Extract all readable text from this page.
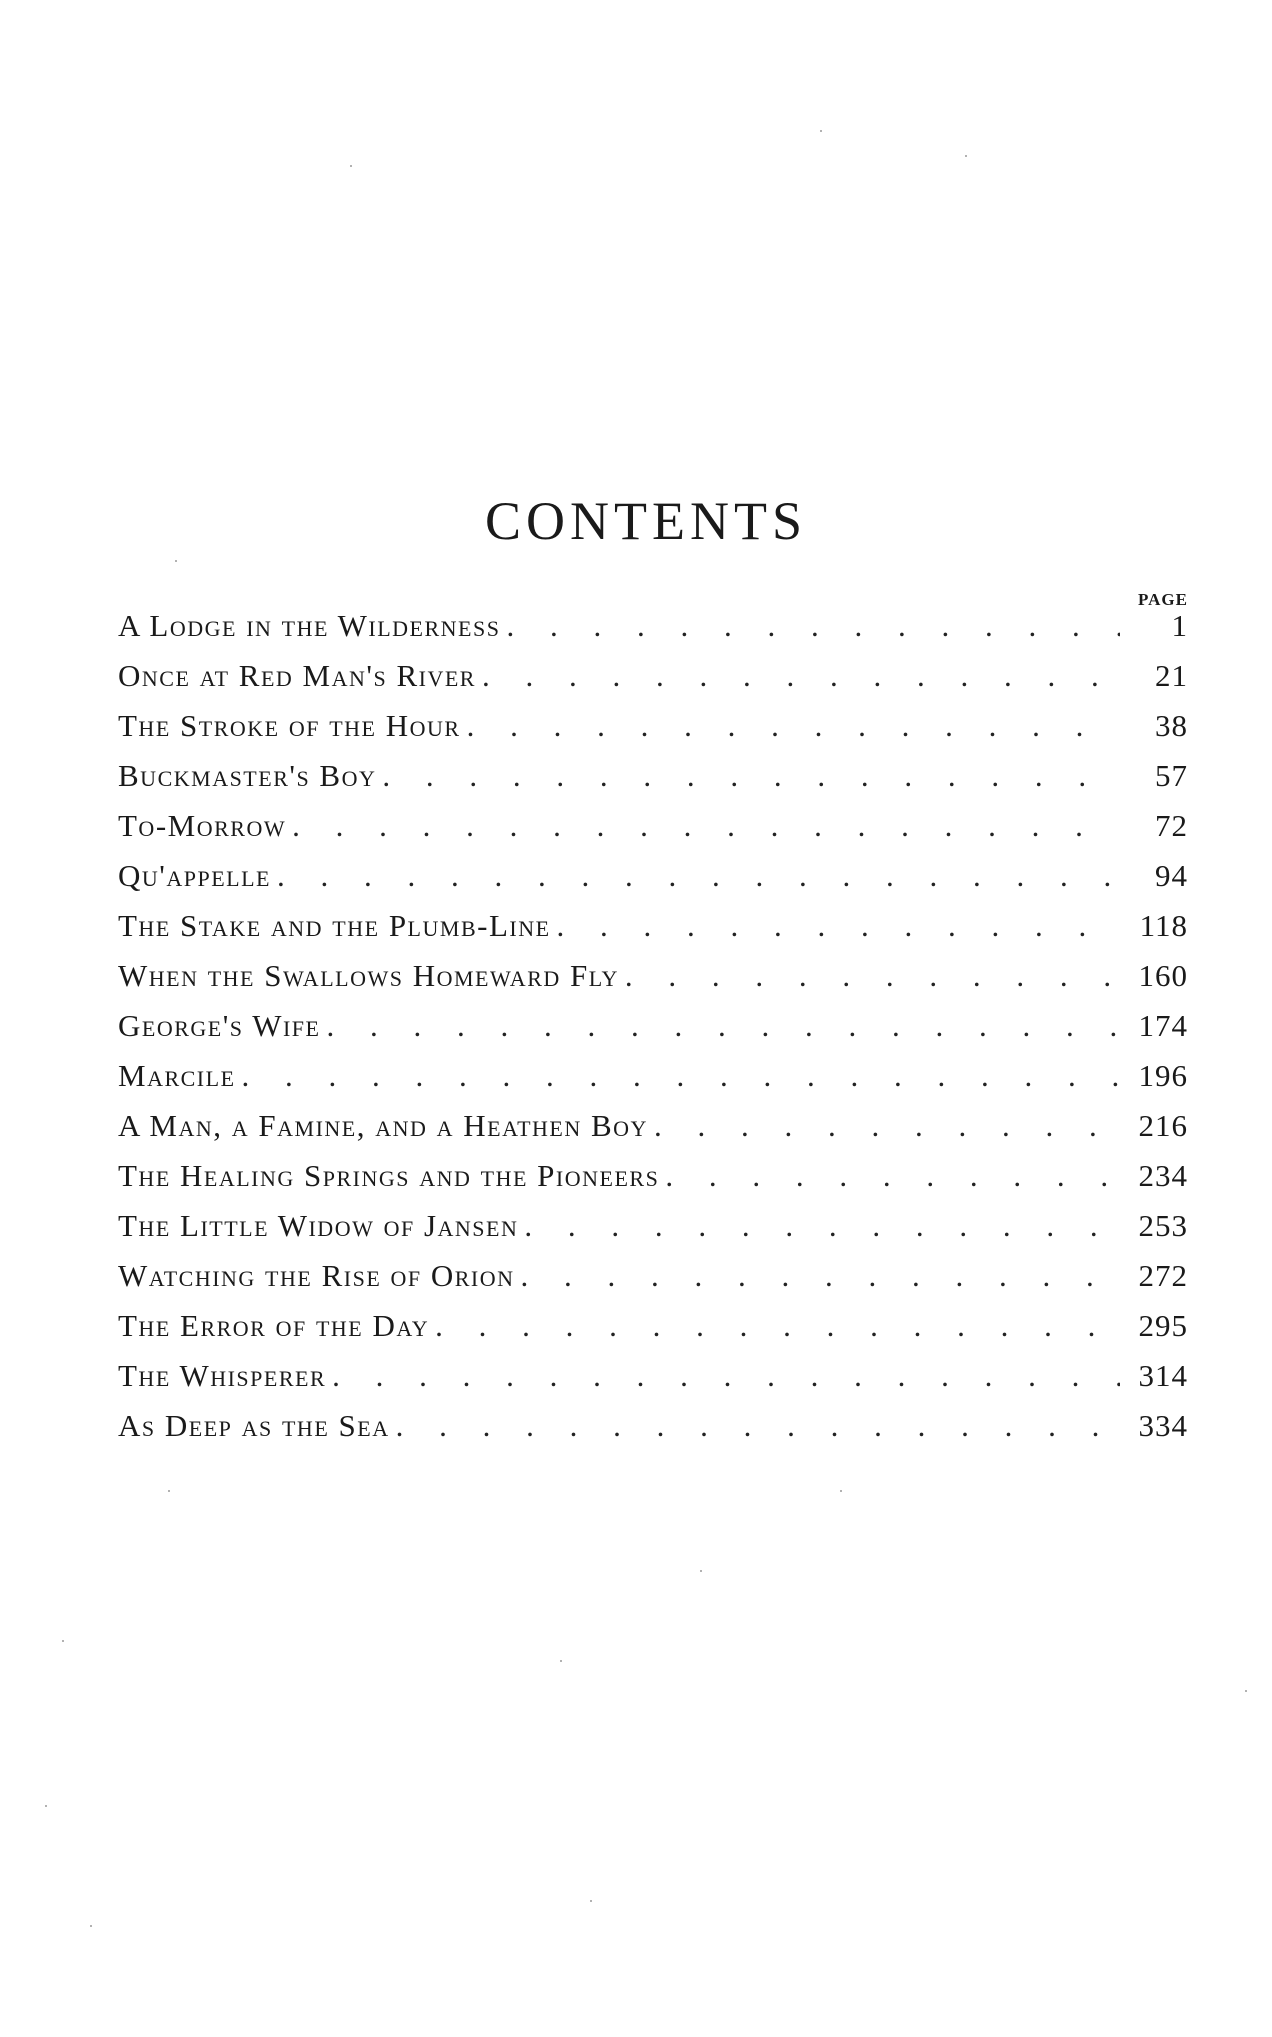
CONTENTS
PAGE
A Lodge in the Wilderness . . .	1
Once at Red Man's River . . .	21
The Stroke of the Hour . . .	38
Buckmaster's Boy . . .	57
To-Morrow . . .	72
Qu'appelle . . .	94
The Stake and the Plumb-Line . . .	118
When the Swallows Homeward Fly . . .	160
George's Wife . . .	174
Marcile . . .	196
A Man, a Famine, and a Heathen Boy . . .	216
The Healing Springs and the Pioneers . . .	234
The Little Widow of Jansen . . .	253
Watching the Rise of Orion . . .	272
The Error of the Day . . .	295
The Whisperer . . .	314
As Deep as the Sea . . .	334
